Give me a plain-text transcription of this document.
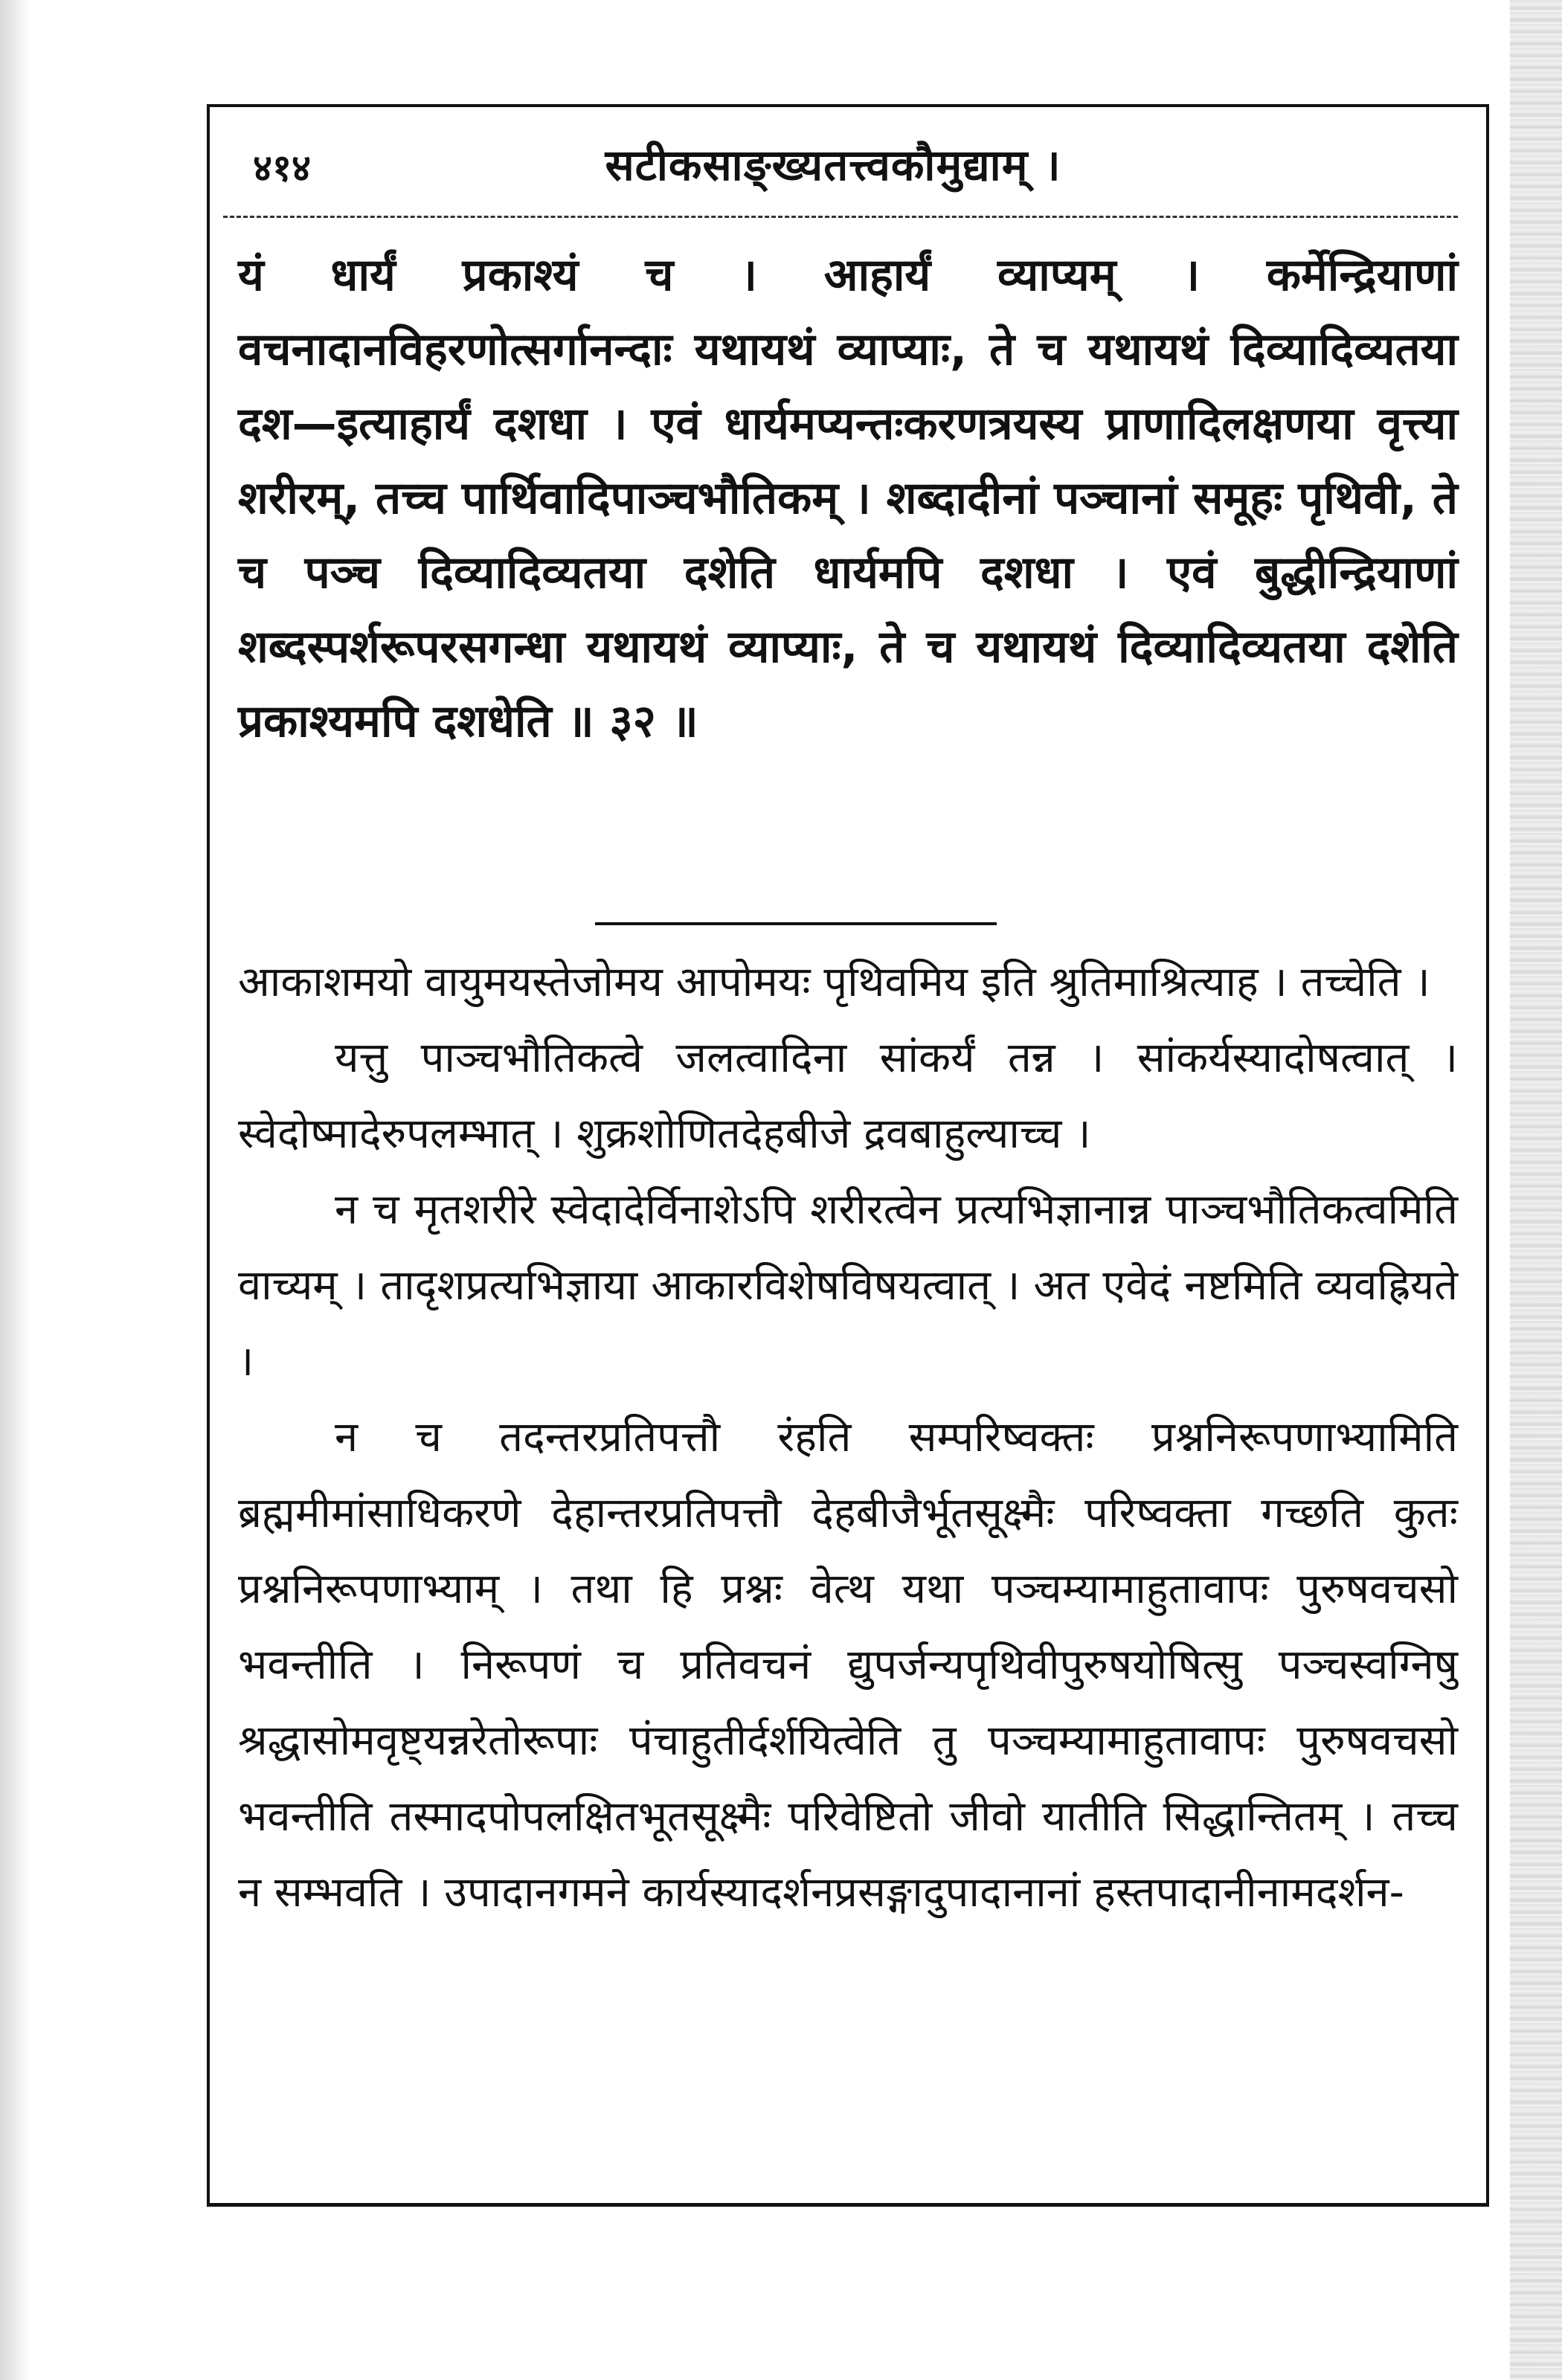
४१४	सटीकसाङ्ख्यतत्त्वकौमुद्याम् ।
यं धार्यं प्रकाश्यं च । आहार्यं व्याप्यम् । कर्मेन्द्रियाणां वचनादानविहरणोत्सर्गानन्दाः यथायथं व्याप्याः, ते च यथायथं दिव्यादिव्यतया दश—इत्याहार्यं दशधा । एवं धार्यमप्यन्तःकरणत्रयस्य प्राणादिलक्षणया वृत्त्या शरीरम्, तच्च पार्थिवादिपाञ्चभौतिकम् । शब्दादीनां पञ्चानां समूहः पृथिवी, ते च पञ्च दिव्यादिव्यतया दशेति धार्यमपि दशधा । एवं बुद्धीन्द्रियाणां शब्दस्पर्शरूपरसगन्धा यथायथं व्याप्याः, ते च यथायथं दिव्यादिव्यतया दशेति प्रकाश्यमपि दशधेति ॥ ३२ ॥

आकाशमयो वायुमयस्तेजोमय आपोमयः पृथिवमिय इति श्रुतिमाश्रित्याह । तच्चेति ।

यत्तु पाञ्चभौतिकत्वे जलत्वादिना सांकर्यं तन्न । सांकर्यस्यादोषत्वात् । स्वेदोष्मादेरुपलम्भात् । शुक्रशोणितदेहबीजे द्रवबाहुल्याच्च ।

न च मृतशरीरे स्वेदादेर्विनाशेऽपि शरीरत्वेन प्रत्यभिज्ञानान्न पाञ्चभौतिकत्वमिति वाच्यम् । तादृशप्रत्यभिज्ञाया आकारविशेषविषयत्वात् । अत एवेदं नष्टमिति व्यवह्रियते ।

न च तदन्तरप्रतिपत्तौ रंहति सम्परिष्वक्तः प्रश्ननिरूपणाभ्यामिति ब्रह्ममीमांसाधिकरणे देहान्तरप्रतिपत्तौ देहबीजैर्भूतसूक्ष्मैः परिष्वक्ता गच्छति कुतः प्रश्ननिरूपणाभ्याम् । तथा हि प्रश्नः वेत्थ यथा पञ्चम्यामाहुतावापः पुरुषवचसो भवन्तीति । निरूपणं च प्रतिवचनं द्युपर्जन्यपृथिवीपुरुषयोषित्सु पञ्चस्वग्निषु श्रद्धासोमवृष्ट्यन्नरेतोरूपाः पंचाहुतीर्दर्शयित्वेति तु पञ्चम्यामाहुतावापः पुरुषवचसो भवन्तीति तस्मादपोपलक्षितभूतसूक्ष्मैः परिवेष्टितो जीवो यातीति सिद्धान्तितम् । तच्च न सम्भवति । उपादानगमने कार्यस्यादर्शनप्रसङ्गादुपादानानां हस्तपादानीनामदर्शन-
